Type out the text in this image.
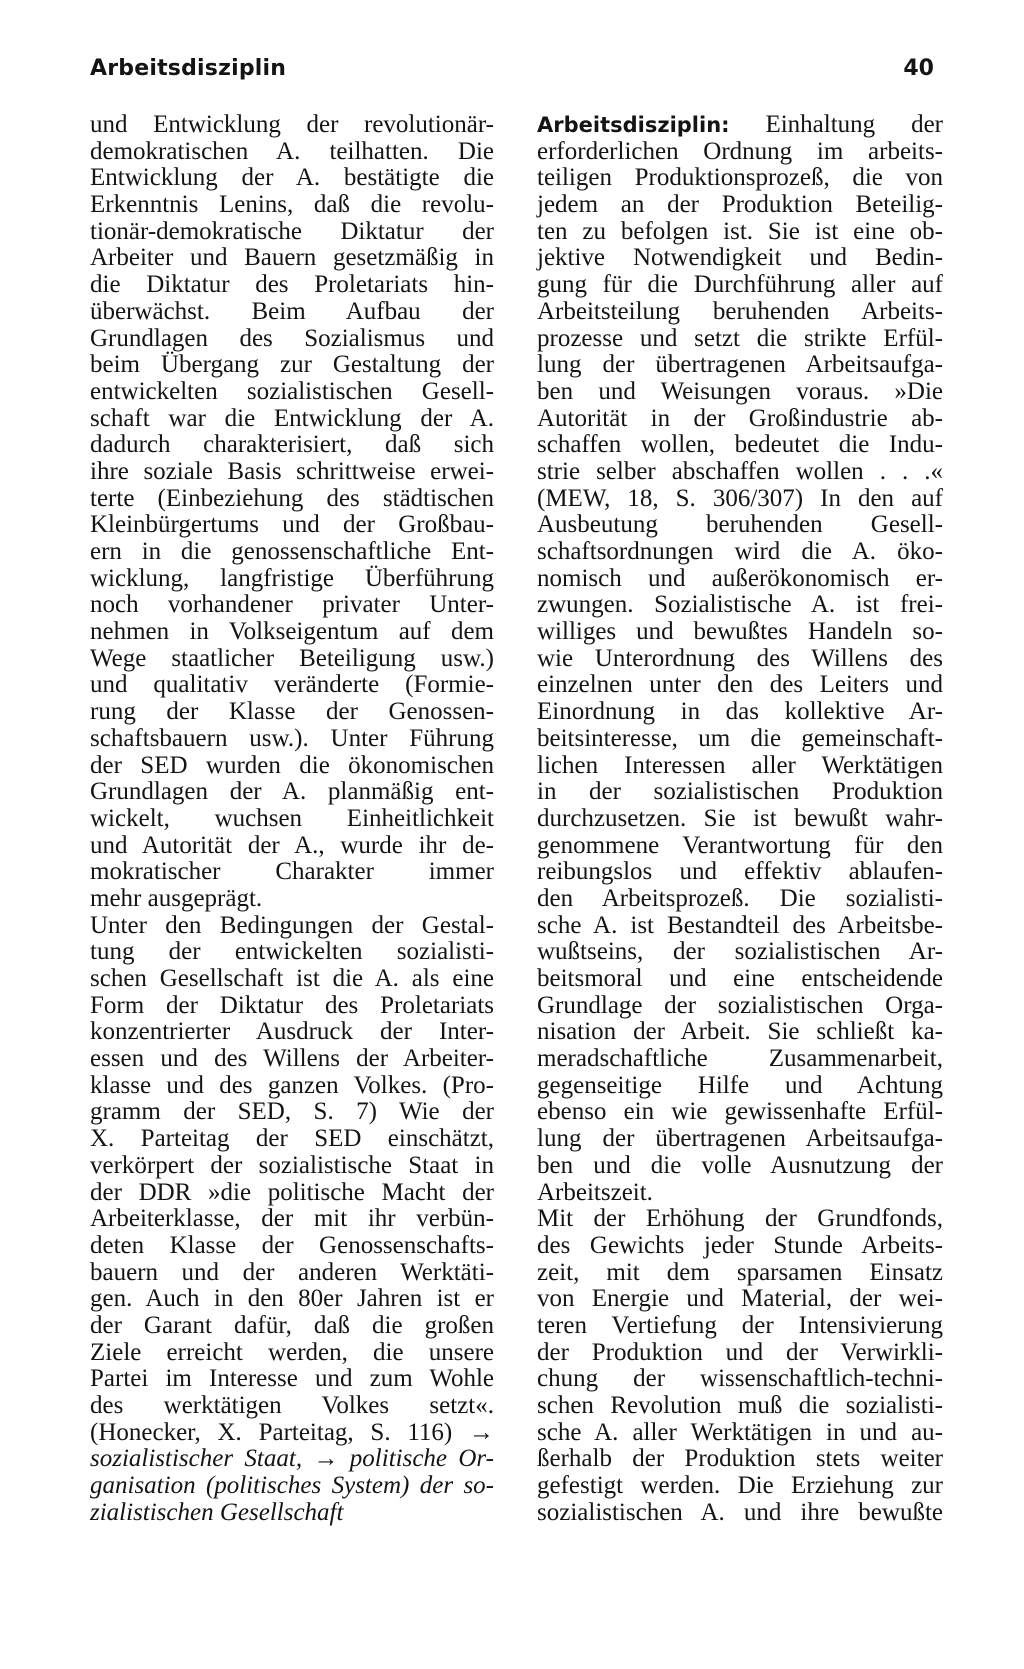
Arbeitsdisziplin	40
und Entwicklung der revolutionär-
demokratischen A. teilhatten. Die
Entwicklung der A. bestätigte die
Erkenntnis Lenins, daß die revolu-
tionär-demokratische Diktatur der
Arbeiter und Bauern gesetzmäßig in
die Diktatur des Proletariats hin-
überwächst. Beim Aufbau der
Grundlagen des Sozialismus und
beim Übergang zur Gestaltung der
entwickelten sozialistischen Gesell-
schaft war die Entwicklung der A.
dadurch charakterisiert, daß sich
ihre soziale Basis schrittweise erwei-
terte (Einbeziehung des städtischen
Kleinbürgertums und der Großbau-
ern in die genossenschaftliche Ent-
wicklung, langfristige Überführung
noch vorhandener privater Unter-
nehmen in Volkseigentum auf dem
Wege staatlicher Beteiligung usw.)
und qualitativ veränderte (Formie-
rung der Klasse der Genossen-
schaftsbauern usw.). Unter Führung
der SED wurden die ökonomischen
Grundlagen der A. planmäßig ent-
wickelt, wuchsen Einheitlichkeit
und Autorität der A., wurde ihr de-
mokratischer Charakter immer
mehr ausgeprägt.
Unter den Bedingungen der Gestal-
tung der entwickelten sozialisti-
schen Gesellschaft ist die A. als eine
Form der Diktatur des Proletariats
konzentrierter Ausdruck der Inter-
essen und des Willens der Arbeiter-
klasse und des ganzen Volkes. (Pro-
gramm der SED, S. 7) Wie der
X. Parteitag der SED einschätzt,
verkörpert der sozialistische Staat in
der DDR »die politische Macht der
Arbeiterklasse, der mit ihr verbün-
deten Klasse der Genossenschafts-
bauern und der anderen Werktäti-
gen. Auch in den 80er Jahren ist er
der Garant dafür, daß die großen
Ziele erreicht werden, die unsere
Partei im Interesse und zum Wohle
des werktätigen Volkes setzt«.
(Honecker, X. Parteitag, S. 116) →
sozialistischer Staat, → politische Or-
ganisation (politisches System) der so-
zialistischen Gesellschaft
Arbeitsdisziplin: Einhaltung der
erforderlichen Ordnung im arbeits-
teiligen Produktionsprozeß, die von
jedem an der Produktion Beteilig-
ten zu befolgen ist. Sie ist eine ob-
jektive Notwendigkeit und Bedin-
gung für die Durchführung aller auf
Arbeitsteilung beruhenden Arbeits-
prozesse und setzt die strikte Erfül-
lung der übertragenen Arbeitsaufga-
ben und Weisungen voraus. »Die
Autorität in der Großindustrie ab-
schaffen wollen, bedeutet die Indu-
strie selber abschaffen wollen . . .«
(MEW, 18, S. 306/307) In den auf
Ausbeutung beruhenden Gesell-
schaftsordnungen wird die A. öko-
nomisch und außerökonomisch er-
zwungen. Sozialistische A. ist frei-
williges und bewußtes Handeln so-
wie Unterordnung des Willens des
einzelnen unter den des Leiters und
Einordnung in das kollektive Ar-
beitsinteresse, um die gemeinschaft-
lichen Interessen aller Werktätigen
in der sozialistischen Produktion
durchzusetzen. Sie ist bewußt wahr-
genommene Verantwortung für den
reibungslos und effektiv ablaufen-
den Arbeitsprozeß. Die sozialisti-
sche A. ist Bestandteil des Arbeitsbe-
wußtseins, der sozialistischen Ar-
beitsmoral und eine entscheidende
Grundlage der sozialistischen Orga-
nisation der Arbeit. Sie schließt ka-
meradschaftliche Zusammenarbeit,
gegenseitige Hilfe und Achtung
ebenso ein wie gewissenhafte Erfül-
lung der übertragenen Arbeitsaufga-
ben und die volle Ausnutzung der
Arbeitszeit.
Mit der Erhöhung der Grundfonds,
des Gewichts jeder Stunde Arbeits-
zeit, mit dem sparsamen Einsatz
von Energie und Material, der wei-
teren Vertiefung der Intensivierung
der Produktion und der Verwirkli-
chung der wissenschaftlich-techni-
schen Revolution muß die sozialisti-
sche A. aller Werktätigen in und au-
ßerhalb der Produktion stets weiter
gefestigt werden. Die Erziehung zur
sozialistischen A. und ihre bewußte
